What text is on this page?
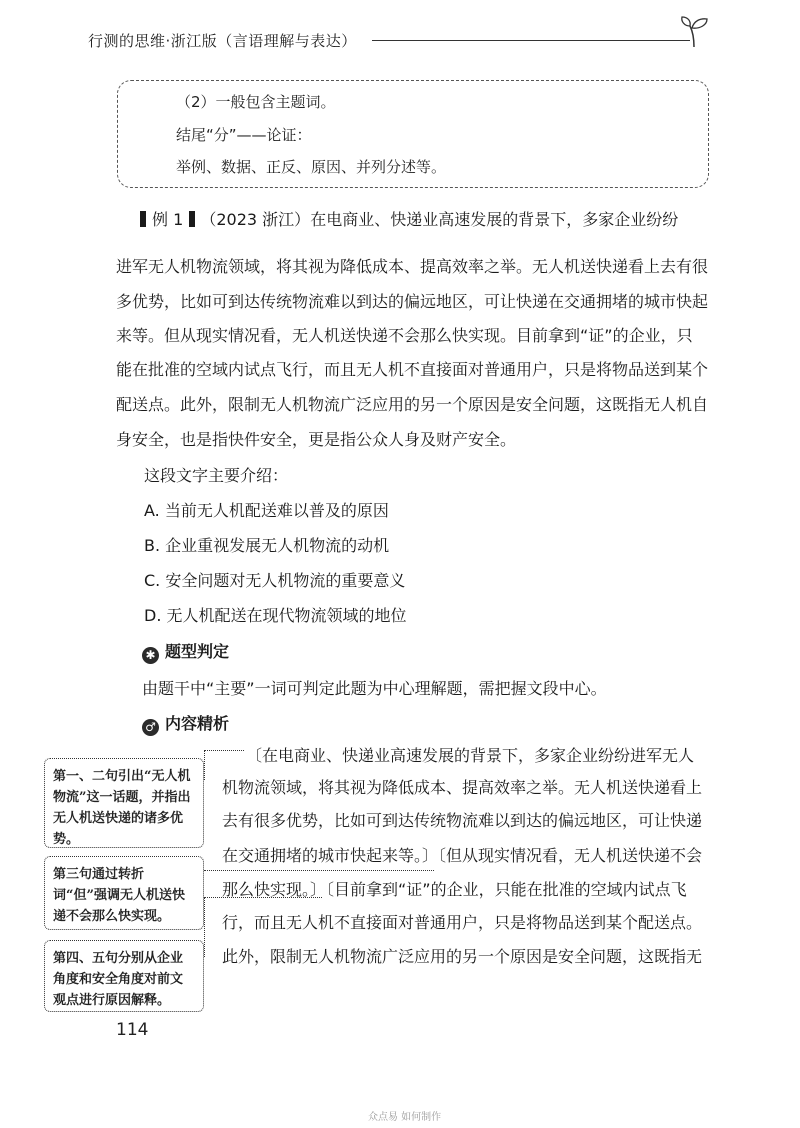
行测的思维·浙江版（言语理解与表达）
（2）一般包含主题词。
结尾“分”——论证：
举例、数据、正反、原因、并列分述等。
例 1 （2023 浙江）在电商业、快递业高速发展的背景下，多家企业纷纷
进军无人机物流领域，将其视为降低成本、提高效率之举。无人机送快递看上去有很
多优势，比如可到达传统物流难以到达的偏远地区，可让快递在交通拥堵的城市快起
来等。但从现实情况看，无人机送快递不会那么快实现。目前拿到“证”的企业，只
能在批准的空域内试点飞行，而且无人机不直接面对普通用户，只是将物品送到某个
配送点。此外，限制无人机物流广泛应用的另一个原因是安全问题，这既指无人机自
身安全，也是指快件安全，更是指公众人身及财产安全。
这段文字主要介绍：
A. 当前无人机配送难以普及的原因
B. 企业重视发展无人机物流的动机
C. 安全问题对无人机物流的重要意义
D. 无人机配送在现代物流领域的地位
✱ 题型判定
由题干中“主要”一词可判定此题为中心理解题，需把握文段中心。
♂ 内容精析
〔在电商业、快递业高速发展的背景下，多家企业纷纷进军无人
机物流领域，将其视为降低成本、提高效率之举。无人机送快递看上
去有很多优势，比如可到达传统物流难以到达的偏远地区，可让快递
在交通拥堵的城市快起来等。〕〔但从现实情况看，无人机送快递不会
那么快实现。〕〔目前拿到“证”的企业，只能在批准的空域内试点飞
行，而且无人机不直接面对普通用户，只是将物品送到某个配送点。
此外，限制无人机物流广泛应用的另一个原因是安全问题，这既指无
第一、二句引出“无人机物流”这一话题，并指出无人机送快递的诸多优势。
第三句通过转折词“但”强调无人机送快递不会那么快实现。
第四、五句分别从企业角度和安全角度对前文观点进行原因解释。
114
众点易 如何制作
